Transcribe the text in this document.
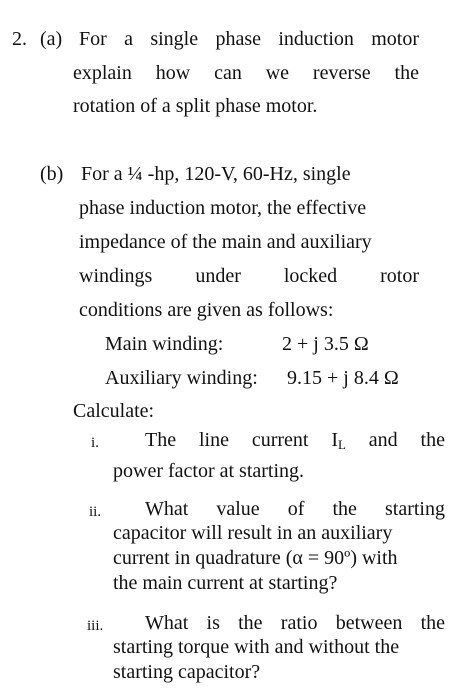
2. (a) For a single phase induction motor
explain how can we reverse the
rotation of a split phase motor.
(b) For a ¼ -hp, 120-V, 60-Hz, single
phase induction motor, the effective
impedance of the main and auxiliary
windings under locked rotor
conditions are given as follows:
Main winding:	2 + j 3.5 Ω
Auxiliary winding: 9.15 + j 8.4 Ω
Calculate:
i. The line current $I_L$ and the
power factor at starting.
ii. What value of the starting
capacitor will result in an auxiliary
current in quadrature (α = 90º) with
the main current at starting?
iii. What is the ratio between the
starting torque with and without the
starting capacitor?
